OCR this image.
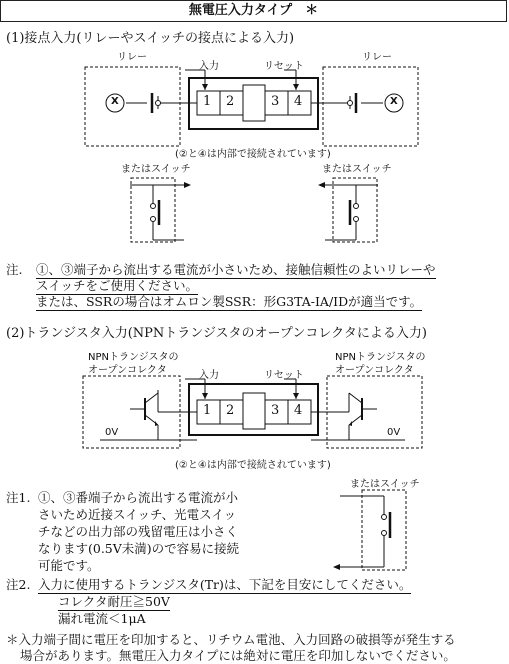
無電圧入力タイプ　＊
(1)接点入力(リレーやスイッチの接点による入力)
リレー	リレー
入力	リセット
1 2	3 4
X	X
(②と④は内部で接続されています)
またはスイッチ	またはスイッチ
注. ①、③端子から流出する電流が小さいため、接触信頼性のよいリレーや
スイッチをご使用ください。
または、SSRの場合はオムロン製SSR：形G3TA-IA/IDが適当です。
(2)トランジスタ入力(NPNトランジスタのオープンコレクタによる入力)
NPNトランジスタの
オープンコレクタ
NPNトランジスタの
オープンコレクタ
入力	リセット
1 2	3 4
0V	0V
(②と④は内部で接続されています)
またはスイッチ
注1. ①、③番端子から流出する電流が小
さいため近接スイッチ、光電スイッ
チなどの出力部の残留電圧は小さく
なります(0.5V未満)ので容易に接続
可能です。
注2. 入力に使用するトランジスタ(Tr)は、下記を目安にしてください。
コレクタ耐圧≧50V
漏れ電流＜1μA
＊入力端子間に電圧を印加すると、リチウム電池、入力回路の破損等が発生する
場合があります。無電圧入力タイプには絶対に電圧を印加しないでください。
